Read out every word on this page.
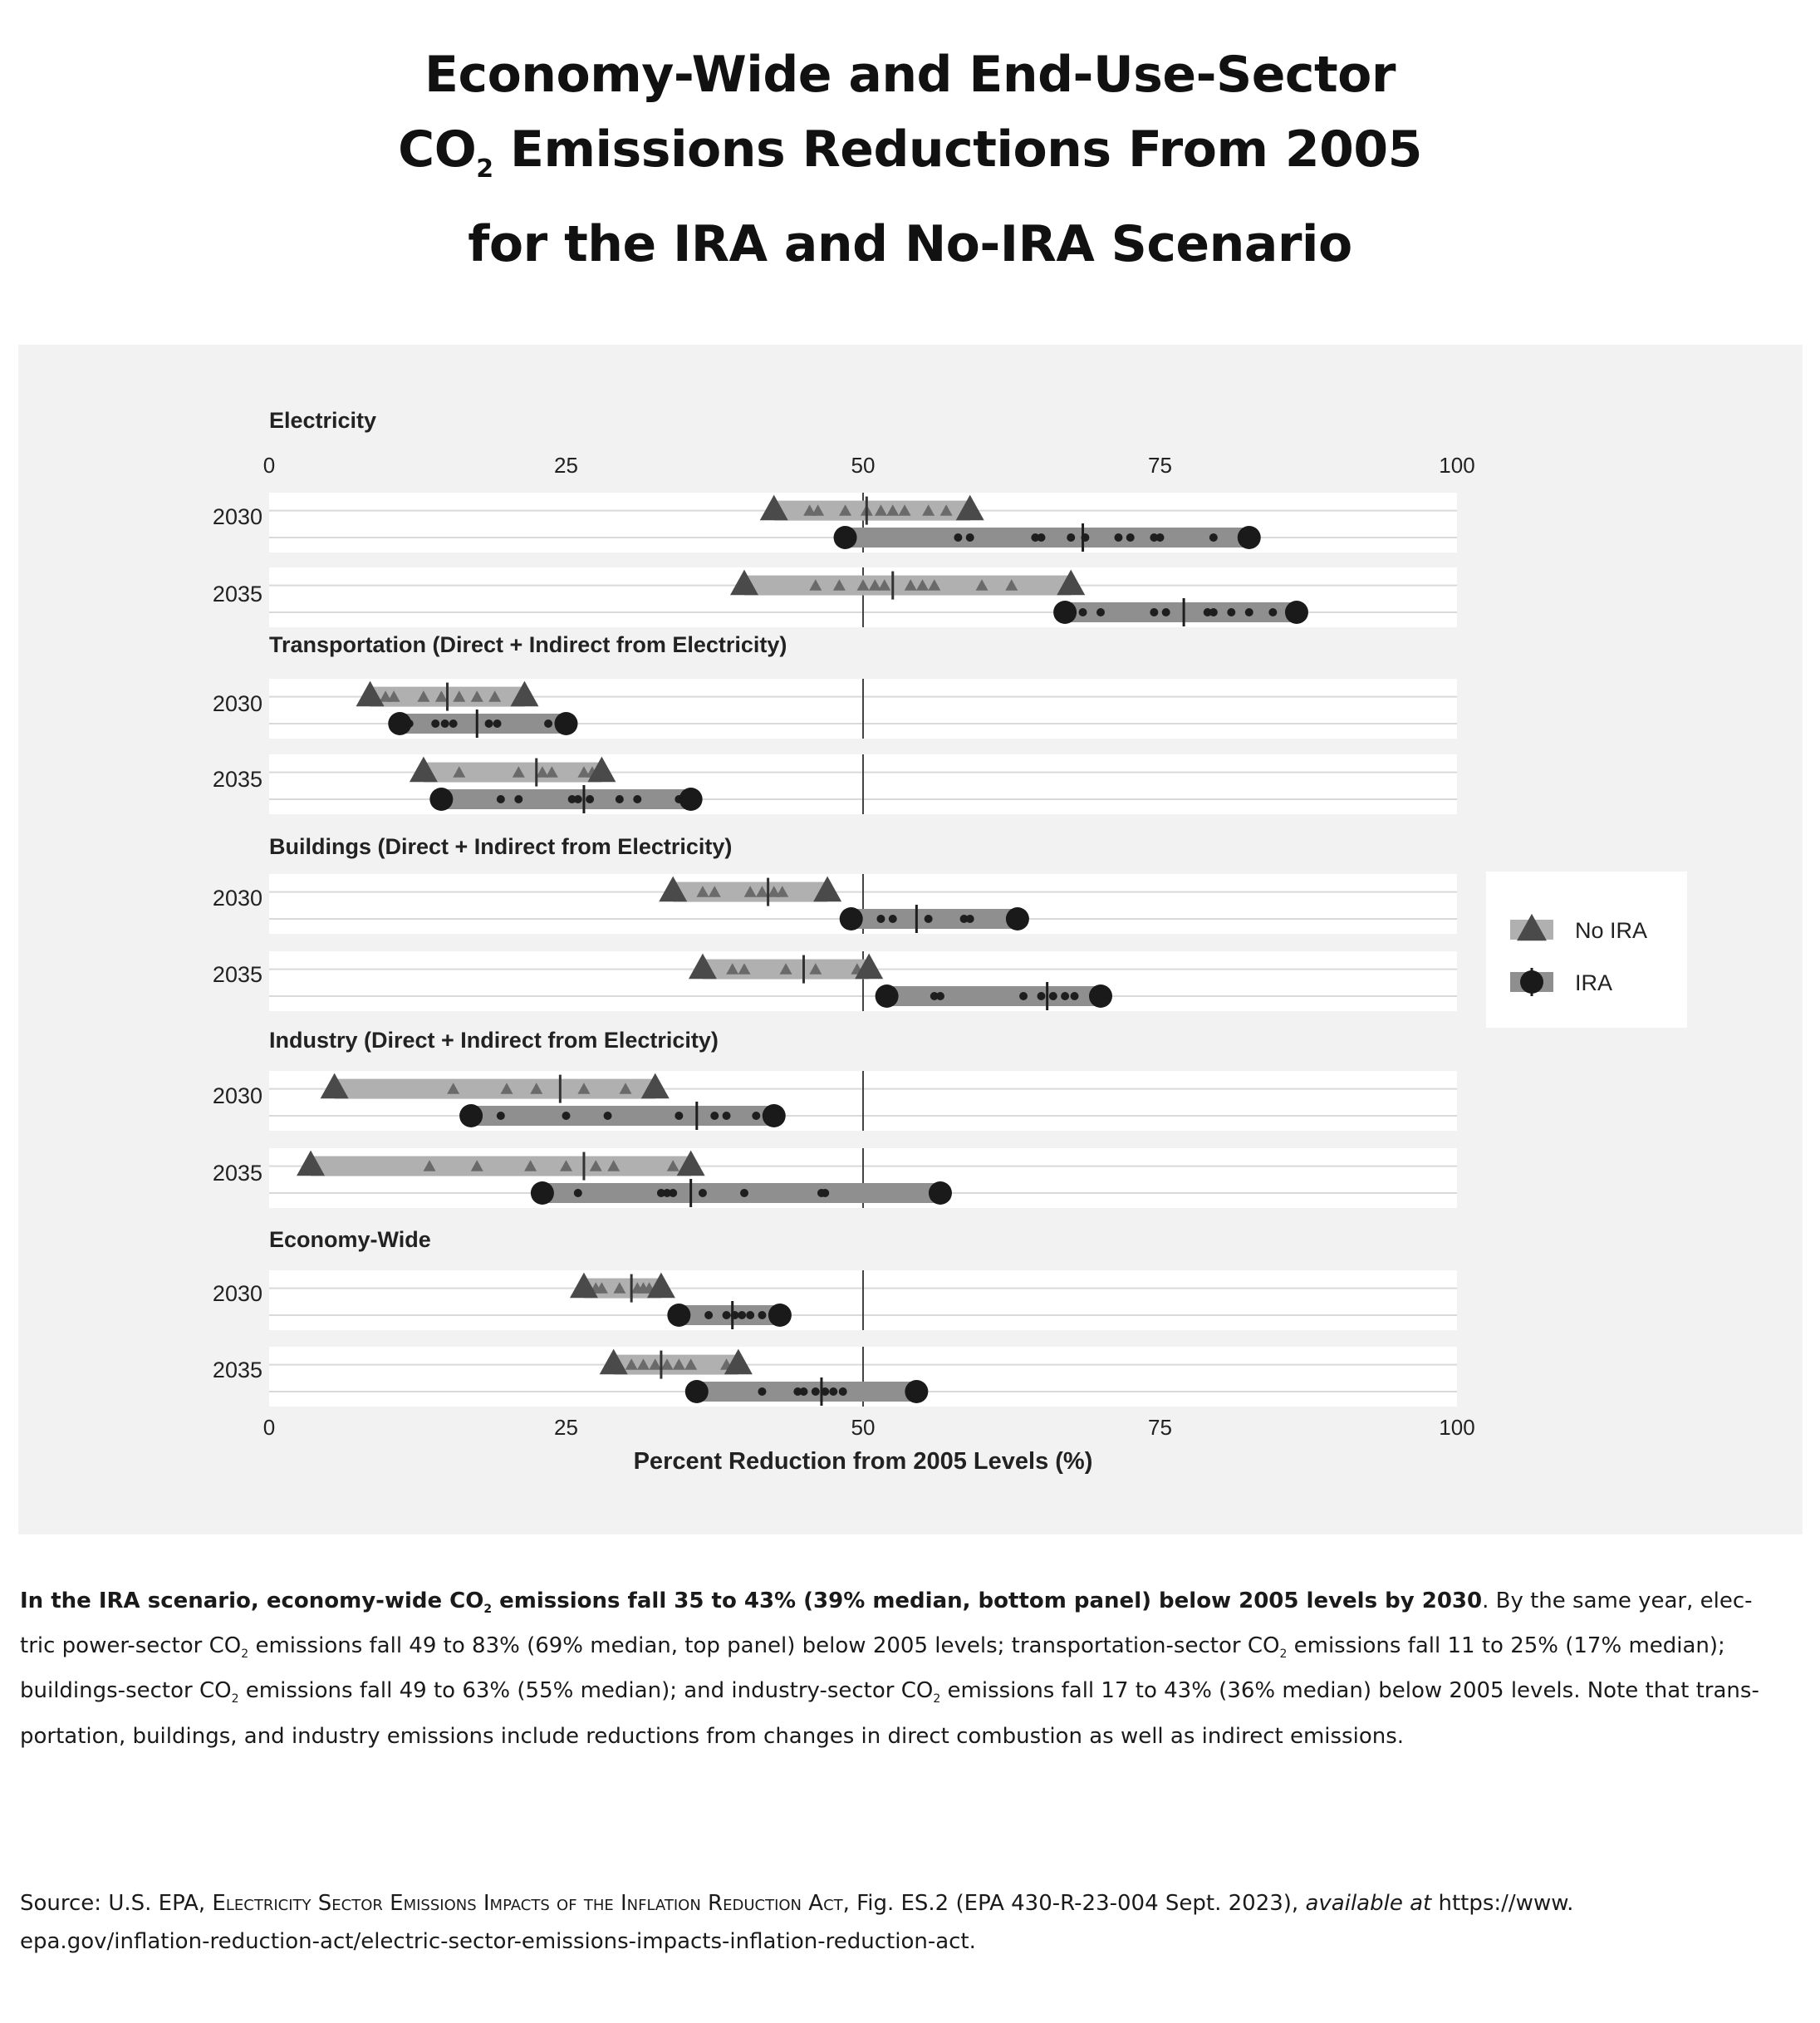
Economy-Wide and End-Use-Sector
$CO_2$ Emissions Reductions From 2005
for the IRA and No-IRA Scenario
0	25	50	75	100
0	25	50	75	100
Percent Reduction from 2005 Levels (%)
Electricity
2030
2035
Transportation (Direct + Indirect from Electricity)
2030
2035
Buildings (Direct + Indirect from Electricity)
2030
2035
Industry (Direct + Indirect from Electricity)
2030
2035
Economy-Wide
2030
2035
No IRA
IRA
In the IRA scenario, economy-wide $CO_2$ emissions fall 35 to 43% (39% median, bottom panel) below 2005 levels by 2030. By the same year, elec-
tric power-sector $CO_2$ emissions fall 49 to 83% (69% median, top panel) below 2005 levels; transportation-sector $CO_2$ emissions fall 11 to 25% (17% median);
buildings-sector $CO_2$ emissions fall 49 to 63% (55% median); and industry-sector $CO_2$ emissions fall 17 to 43% (36% median) below 2005 levels. Note that trans-
portation, buildings, and industry emissions include reductions from changes in direct combustion as well as indirect emissions.
Source: U.S. EPA, Electricity Sector Emissions Impacts of the Inflation Reduction Act, Fig. ES.2 (EPA 430-R-23-004 Sept. 2023), available at https://www.
epa.gov/inflation-reduction-act/electric-sector-emissions-impacts-inflation-reduction-act.
